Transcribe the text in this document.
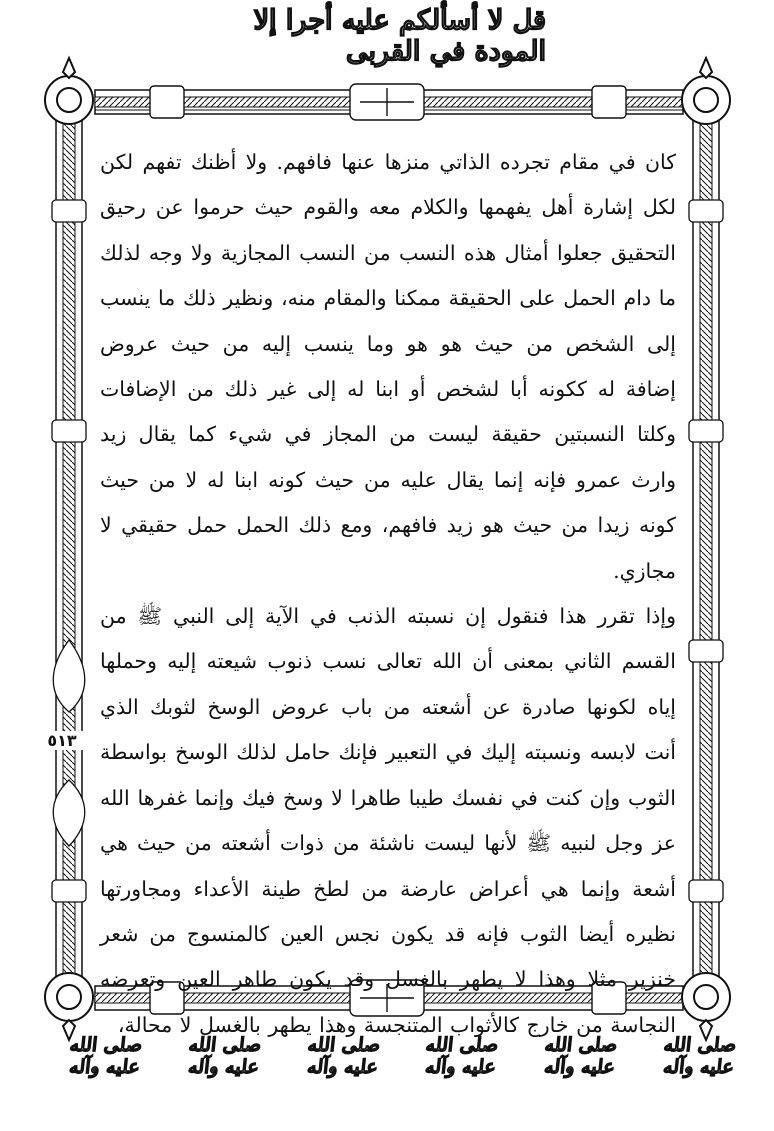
قل لا أسألكم عليه أجرا إلا المودة في القربى

كان في مقام تجرده الذاتي منزها عنها فافهم. ولا أظنك تفهم لكن لكل إشارة أهل يفهمها والكلام معه والقوم حيث حرموا عن رحيق التحقيق جعلوا أمثال هذه النسب من النسب المجازية ولا وجه لذلك ما دام الحمل على الحقيقة ممكنا والمقام منه، ونظير ذلك ما ينسب إلى الشخص من حيث هو هو وما ينسب إليه من حيث عروض إضافة له ككونه أبا لشخص أو ابنا له إلى غير ذلك من الإضافات وكلتا النسبتين حقيقة ليست من المجاز في شيء كما يقال زيد وارث عمرو فإنه إنما يقال عليه من حيث كونه ابنا له لا من حيث كونه زيدا من حيث هو زيد فافهم، ومع ذلك الحمل حمل حقيقي لا مجازي.

وإذا تقرر هذا فنقول إن نسبته الذنب في الآية إلى النبي ﷺ من القسم الثاني بمعنى أن الله تعالى نسب ذنوب شيعته إليه وحملها إياه لكونها صادرة عن أشعته من باب عروض الوسخ لثوبك الذي أنت لابسه ونسبته إليك في التعبير فإنك حامل لذلك الوسخ بواسطة الثوب وإن كنت في نفسك طيبا طاهرا لا وسخ فيك وإنما غفرها الله عز وجل لنبيه ﷺ لأنها ليست ناشئة من ذوات أشعته من حيث هي أشعة وإنما هي أعراض عارضة من لطخ طينة الأعداء ومجاورتها نظيره أيضا الثوب فإنه قد يكون نجس العين كالمنسوج من شعر خنزير مثلا وهذا لا يطهر بالغسل وقد يكون طاهر العين وتعرضه النجاسة من خارج كالأثواب المتنجسة وهذا يطهر بالغسل لا محالة،

٥١٣
صلى الله عليه وآله
صلى الله عليه وآله
صلى الله عليه وآله
صلى الله عليه وآله
صلى الله عليه وآله
صلى الله عليه وآله
